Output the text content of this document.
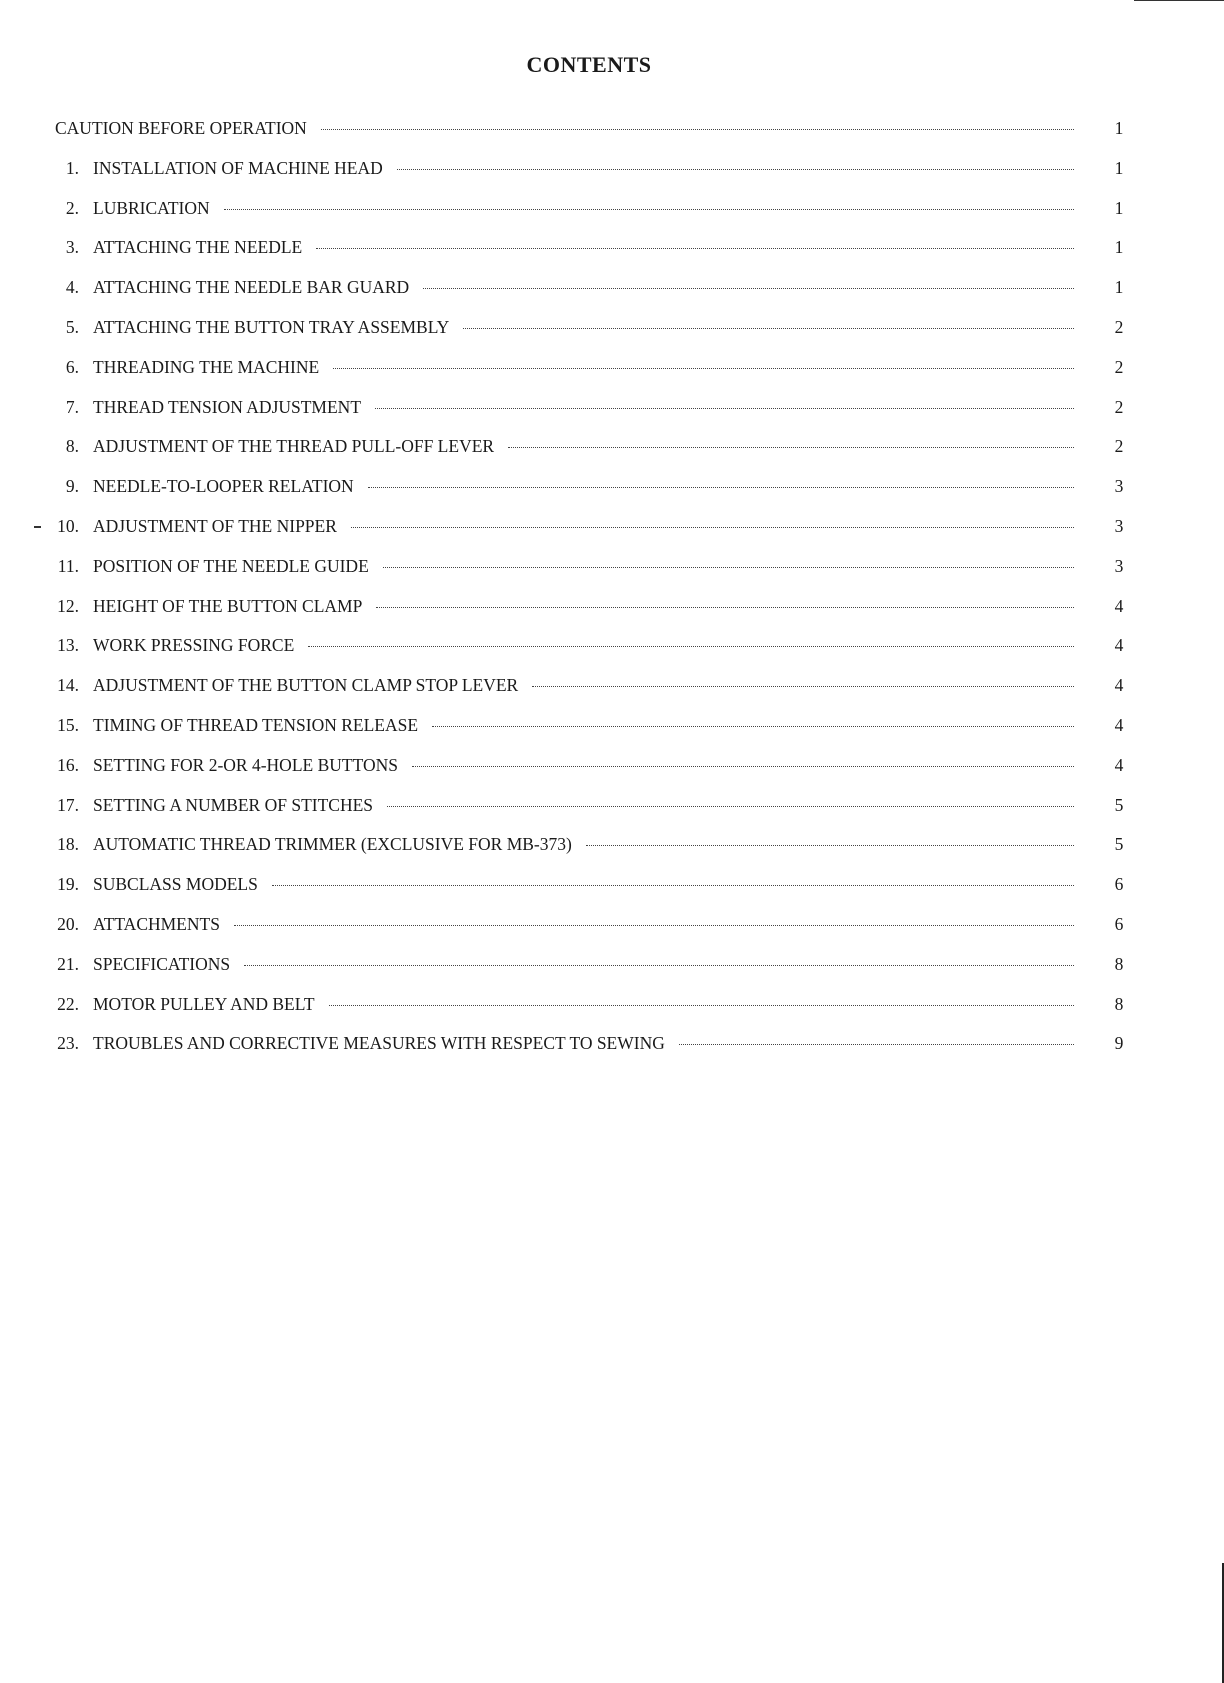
CONTENTS
CAUTION BEFORE OPERATION	1
1. INSTALLATION OF MACHINE HEAD	1
2. LUBRICATION	1
3. ATTACHING THE NEEDLE	1
4. ATTACHING THE NEEDLE BAR GUARD	1
5. ATTACHING THE BUTTON TRAY ASSEMBLY	2
6. THREADING THE MACHINE	2
7. THREAD TENSION ADJUSTMENT	2
8. ADJUSTMENT OF THE THREAD PULL-OFF LEVER	2
9. NEEDLE-TO-LOOPER RELATION	3
10. ADJUSTMENT OF THE NIPPER	3
11. POSITION OF THE NEEDLE GUIDE	3
12. HEIGHT OF THE BUTTON CLAMP	4
13. WORK PRESSING FORCE	4
14. ADJUSTMENT OF THE BUTTON CLAMP STOP LEVER	4
15. TIMING OF THREAD TENSION RELEASE	4
16. SETTING FOR 2-OR 4-HOLE BUTTONS	4
17. SETTING A NUMBER OF STITCHES	5
18. AUTOMATIC THREAD TRIMMER (EXCLUSIVE FOR MB-373)	5
19. SUBCLASS MODELS	6
20. ATTACHMENTS	6
21. SPECIFICATIONS	8
22. MOTOR PULLEY AND BELT	8
23. TROUBLES AND CORRECTIVE MEASURES WITH RESPECT TO SEWING	9
